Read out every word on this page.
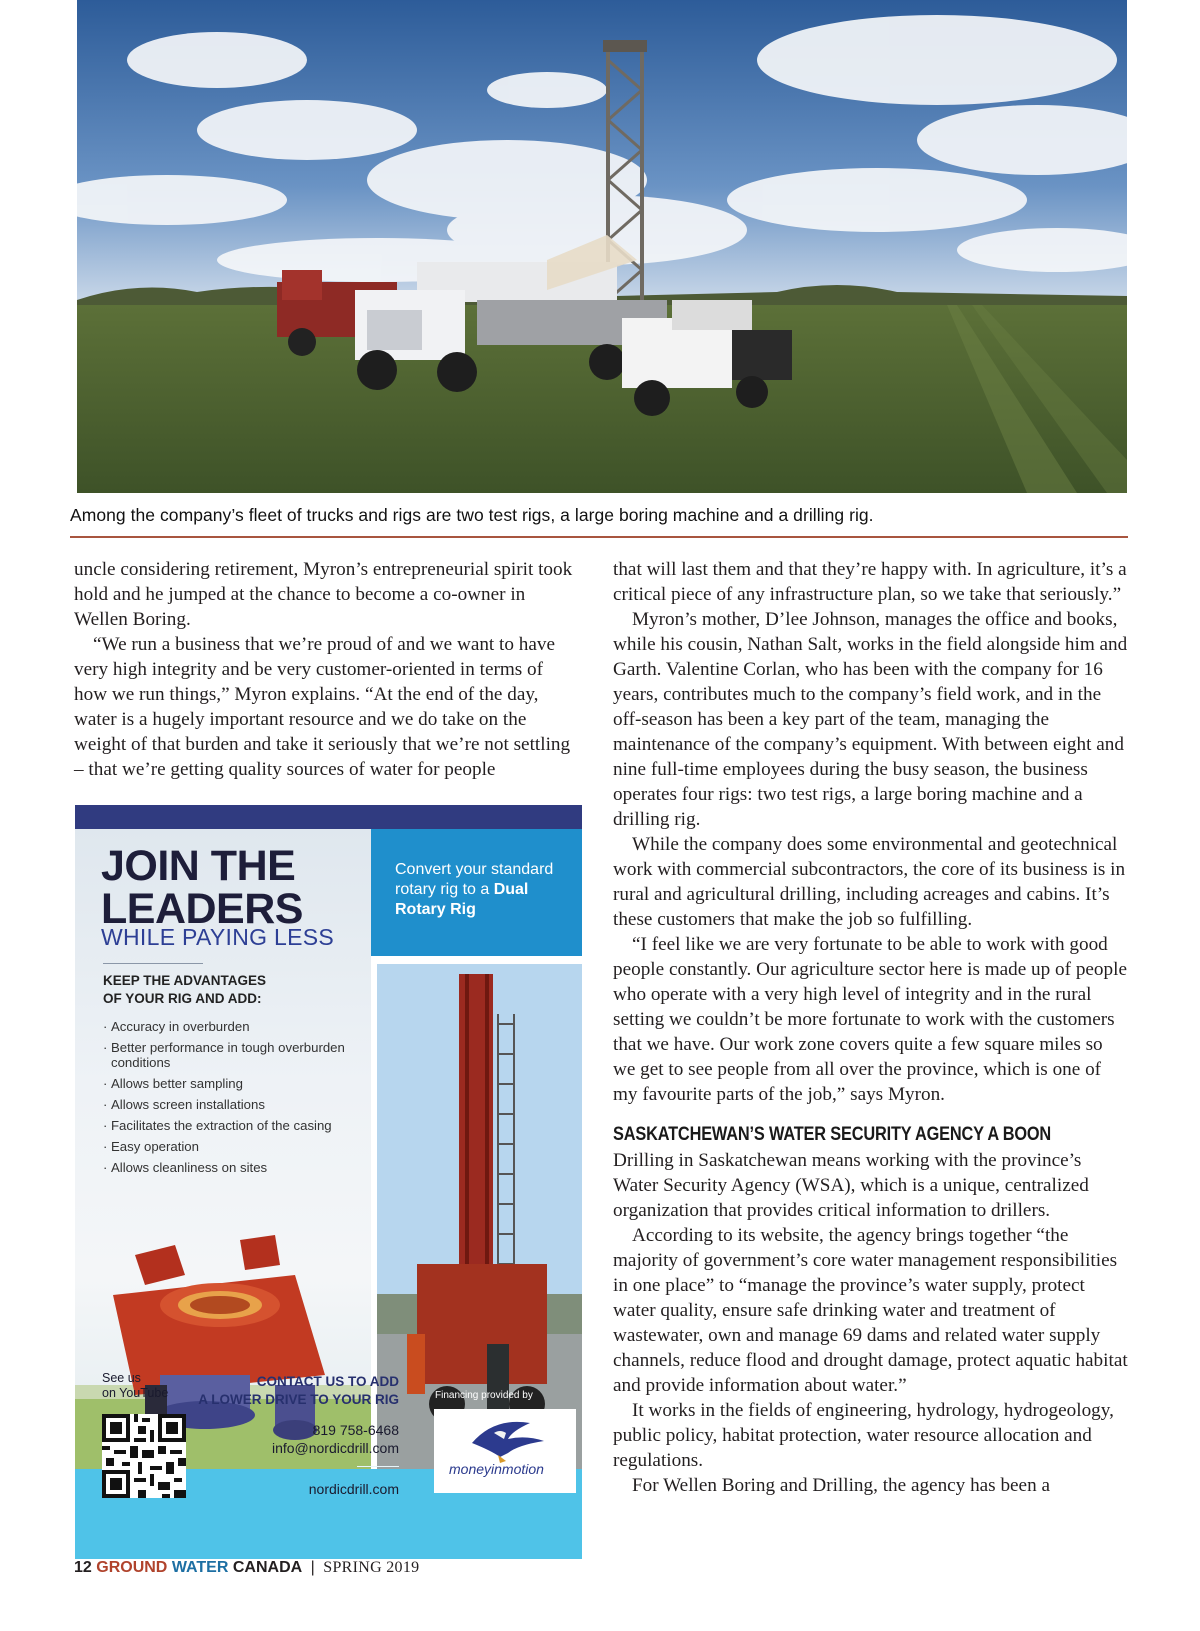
Among the company’s fleet of trucks and rigs are two test rigs, a large boring machine and a drilling rig.

uncle considering retirement, Myron’s entrepreneurial spirit took hold and he jumped at the chance to become a co-owner in Wellen Boring.

“We run a business that we’re proud of and we want to have very high integrity and be very customer-oriented in terms of how we run things,” Myron explains. “At the end of the day, water is a hugely important resource and we do take on the weight of that burden and take it seriously that we’re not settling – that we’re getting quality sources of water for people

that will last them and that they’re happy with. In agriculture, it’s a critical piece of any infrastructure plan, so we take that seriously.”

Myron’s mother, D’lee Johnson, manages the office and books, while his cousin, Nathan Salt, works in the field alongside him and Garth. Valentine Corlan, who has been with the company for 16 years, contributes much to the company’s field work, and in the off-season has been a key part of the team, managing the maintenance of the company’s equipment. With between eight and nine full-time employees during the busy season, the business operates four rigs: two test rigs, a large boring machine and a drilling rig.

While the company does some environmental and geotechnical work with commercial subcontractors, the core of its business is in rural and agricultural drilling, including acreages and cabins. It’s these customers that make the job so fulfilling.

“I feel like we are very fortunate to be able to work with good people constantly. Our agriculture sector here is made up of people who operate with a very high level of integrity and in the rural setting we couldn’t be more fortunate to work with the customers that we have. Our work zone covers quite a few square miles so we get to see people from all over the province, which is one of my favourite parts of the job,” says Myron.

SASKATCHEWAN’S WATER SECURITY AGENCY A BOON

Drilling in Saskatchewan means working with the province’s Water Security Agency (WSA), which is a unique, centralized organization that provides critical information to drillers.

According to its website, the agency brings together “the majority of government’s core water management responsibilities in one place” to “manage the province’s water supply, protect water quality, ensure safe drinking water and treatment of wastewater, own and manage 69 dams and related water supply channels, reduce flood and drought damage, protect aquatic habitat and provide information about water.”

It works in the fields of engineering, hydrology, hydrogeology, public policy, habitat protection, water resource allocation and regulations.

For Wellen Boring and Drilling, the agency has been a

Convert your standard rotary rig to a Dual Rotary Rig
JOIN THE
LEADERS
WHILE PAYING LESS
KEEP THE ADVANTAGES
OF YOUR RIG AND ADD:
· Accuracy in overburden
· Better performance in tough overburden conditions
· Allows better sampling
· Allows screen installations
· Facilitates the extraction of the casing
· Easy operation
· Allows cleanliness on sites
See us
on YouTube
CONTACT US TO ADD
A LOWER DRIVE TO YOUR RIG
819 758-6468
info@nordicdrill.com
nordicdrill.com
Financing provided by
moneyinmotion
12 GROUND WATER CANADA | SPRING 2019
